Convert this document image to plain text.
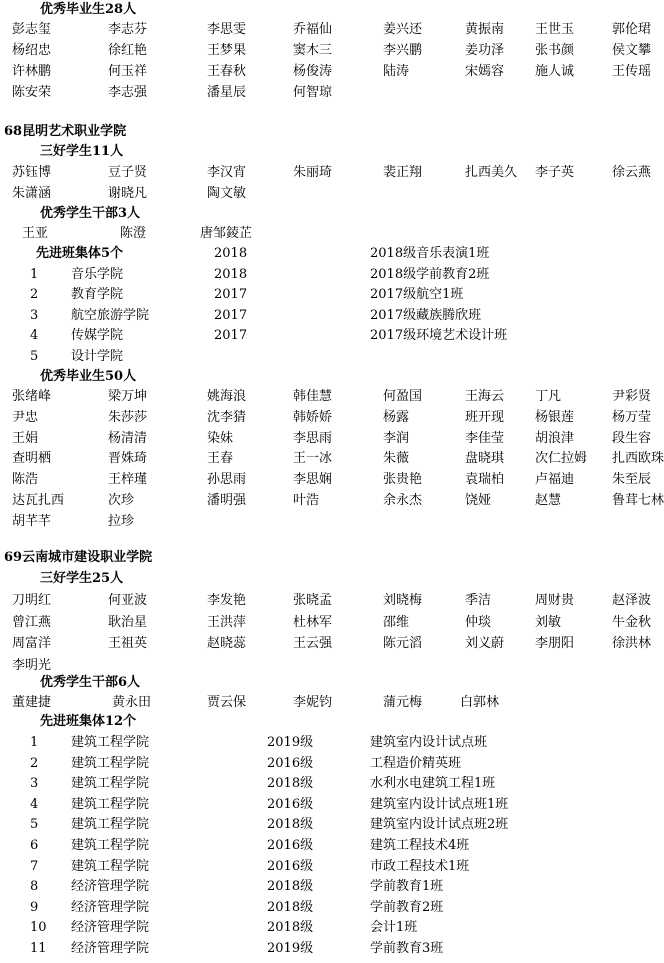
优秀毕业生28人
彭志玺	李志芬	李思雯	乔福仙	姜兴还	黄振南 王世玉	郭伦珺
杨绍忠	徐红艳	王梦果	窦木三	李兴鹏	姜功泽 张书颜	侯文攀
许林鹏	何玉祥	王春秋	杨俊涛	陆涛	宋嫣容 施人诚	王传瑶
陈安荣	李志强	潘星辰	何智琼
68昆明艺术职业学院
三好学生11人
苏钰博	豆子贤	李汉宵	朱丽琦	裴正翔	扎西美久 李子英	徐云燕
朱潇涵	谢晓凡	陶文敏
优秀学生干部3人
王亚	陈澄	唐邹錂芷
先进班集体5个	2018	2018级音乐表演1班
1	音乐学院	2018	2018级学前教育2班
2	教育学院	2017	2017级航空1班
3	航空旅游学院	2017	2017级藏族腾欣班
4	传媒学院	2017	2017级环境艺术设计班
5	设计学院
优秀毕业生50人
张绪峰	梁万坤	姚海浪	韩佳慧	何盈国	王海云 丁凡	尹彩贤
尹忠	朱莎莎	沈李猜	韩娇娇	杨露	班开现 杨银莲	杨万莹
王娟	杨清清	染妹	李思雨	李润	李佳莹 胡浪津	段生容
查明栖	晋姝琦	王春	王一冰	朱薇	盘晓琪 次仁拉姆 扎西欧珠
陈浩	王梓瑾	孙思雨	李思娴	张贵艳	袁瑞柏 卢福迪	朱至辰
达瓦扎西	次珍	潘明强	叶浩	余永杰	饶娅	赵慧	鲁茸七林
胡芊芊	拉珍
69云南城市建设职业学院
三好学生25人
刀明红	何亚波	李发艳	张晓孟	刘晓梅	季洁	周财贵	赵泽波
曾江燕	耿治星	王洪萍	杜林军	邵维	仲琰	刘敏	牛金秋
周富洋	王祖英	赵晓蕊	王云强	陈元滔	刘义蔚 李朋阳	徐洪林
李明光
优秀学生干部6人
董建捷	黄永田	贾云保	李妮钧	蒲元梅	白郭林
先进班集体12个
1	建筑工程学院	2019级	建筑室内设计试点班
2	建筑工程学院	2016级	工程造价精英班
3	建筑工程学院	2018级	水利水电建筑工程1班
4	建筑工程学院	2016级	建筑室内设计试点班1班
5	建筑工程学院	2018级	建筑室内设计试点班2班
6	建筑工程学院	2016级	建筑工程技术4班
7	建筑工程学院	2016级	市政工程技术1班
8	经济管理学院	2018级	学前教育1班
9	经济管理学院	2018级	学前教育2班
10 经济管理学院	2018级	会计1班
11 经济管理学院	2019级	学前教育3班
